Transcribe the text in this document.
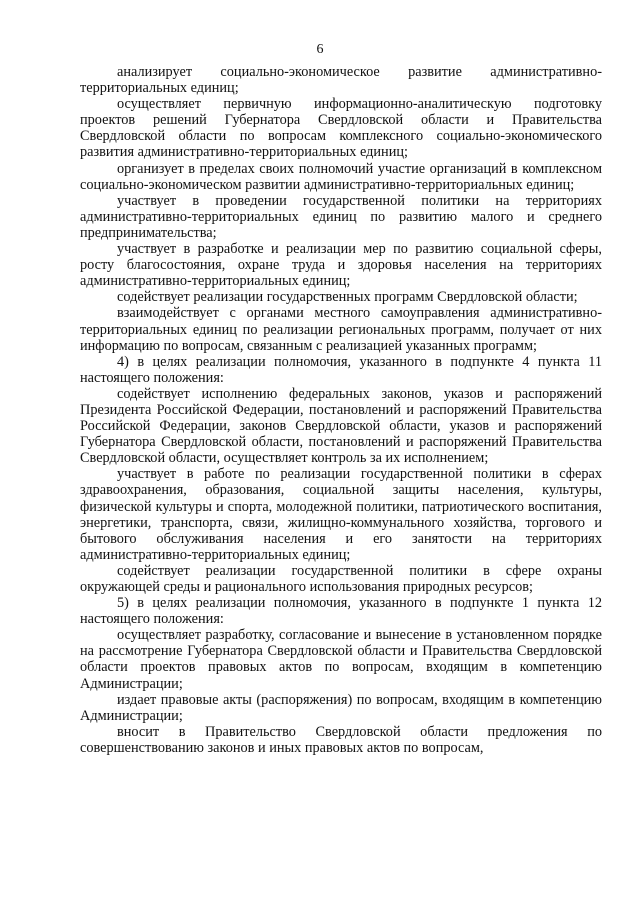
6

анализирует социально-экономическое развитие административно-территориальных единиц;

осуществляет первичную информационно-аналитическую подготовку проектов решений Губернатора Свердловской области и Правительства Свердловской области по вопросам комплексного социально-экономического развития административно-территориальных единиц;

организует в пределах своих полномочий участие организаций в комплексном социально-экономическом развитии административно-территориальных единиц;

участвует в проведении государственной политики на территориях административно-территориальных единиц по развитию малого и среднего предпринимательства;

участвует в разработке и реализации мер по развитию социальной сферы, росту благосостояния, охране труда и здоровья населения на территориях административно-территориальных единиц;

содействует реализации государственных программ Свердловской области;

взаимодействует с органами местного самоуправления административно-территориальных единиц по реализации региональных программ, получает от них информацию по вопросам, связанным с реализацией указанных программ;

4) в целях реализации полномочия, указанного в подпункте 4 пункта 11 настоящего положения:

содействует исполнению федеральных законов, указов и распоряжений Президента Российской Федерации, постановлений и распоряжений Правительства Российской Федерации, законов Свердловской области, указов и распоряжений Губернатора Свердловской области, постановлений и распоряжений Правительства Свердловской области, осуществляет контроль за их исполнением;

участвует в работе по реализации государственной политики в сферах здравоохранения, образования, социальной защиты населения, культуры, физической культуры и спорта, молодежной политики, патриотического воспитания, энергетики, транспорта, связи, жилищно-коммунального хозяйства, торгового и бытового обслуживания населения и его занятости на территориях административно-территориальных единиц;

содействует реализации государственной политики в сфере охраны окружающей среды и рационального использования природных ресурсов;

5) в целях реализации полномочия, указанного в подпункте 1 пункта 12 настоящего положения:

осуществляет разработку, согласование и вынесение в установленном порядке на рассмотрение Губернатора Свердловской области и Правительства Свердловской области проектов правовых актов по вопросам, входящим в компетенцию Администрации;

издает правовые акты (распоряжения) по вопросам, входящим в компетенцию Администрации;

вносит в Правительство Свердловской области предложения по совершенствованию законов и иных правовых актов по вопросам,
